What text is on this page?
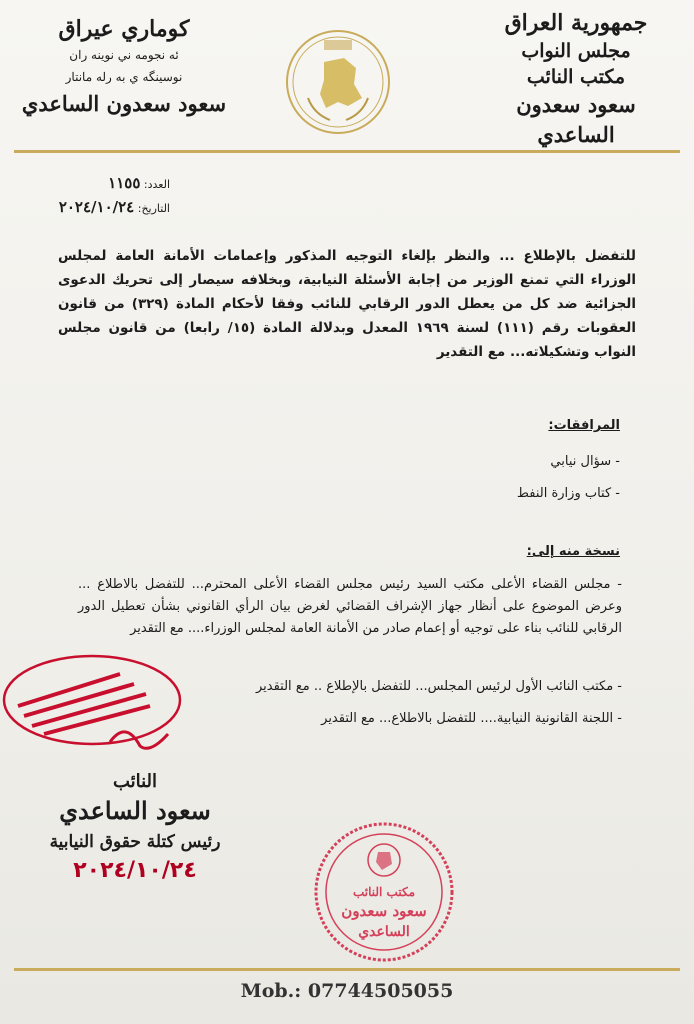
جمهورية العراق
مجلس النواب
مكتب النائب
سعود سعدون الساعدي
كوماري عيراق
ئه نجومه ني نوينه ران
نوسينگه ي به رله مانتار
سعود سعدون الساعدي
العدد: ١١٥٥
التاريخ: ٢٠٢٤/١٠/٢٤
للتفضل بالإطلاع ... والنظر بإلغاء التوجيه المذكور وإعمامات الأمانة العامة لمجلس الوزراء التي تمنع الوزير من إجابة الأسئلة النيابية، وبخلافه سيصار إلى تحريك الدعوى الجزائية ضد كل من يعطل الدور الرقابي للنائب وفقا لأحكام المادة (٣٢٩) من قانون العقوبات رقم (١١١) لسنة ١٩٦٩ المعدل وبدلالة المادة (١٥/ رابعا) من قانون مجلس النواب وتشكيلاته... مع التقدير
المرافقات:
- سؤال نيابي
- كتاب وزارة النفط
نسخة منه إلى:
- مجلس القضاء الأعلى مكتب السيد رئيس مجلس القضاء الأعلى المحترم... للتفضل بالاطلاع ... وعرض الموضوع على أنظار جهاز الإشراف القضائي لغرض بيان الرأي القانوني بشأن تعطيل الدور الرقابي للنائب بناء على توجيه أو إعمام صادر من الأمانة العامة لمجلس الوزراء.... مع التقدير
- مكتب النائب الأول لرئيس المجلس... للتفضل بالإطلاع .. مع التقدير
- اللجنة القانونية النيابية.... للتفضل بالاطلاع... مع التقدير
النائب
سعود الساعدي
رئيس كتلة حقوق النيابية
٢٠٢٤/١٠/٢٤
مكتب النائب
سعود سعدون
الساعدي
Mob.: 07744505055
